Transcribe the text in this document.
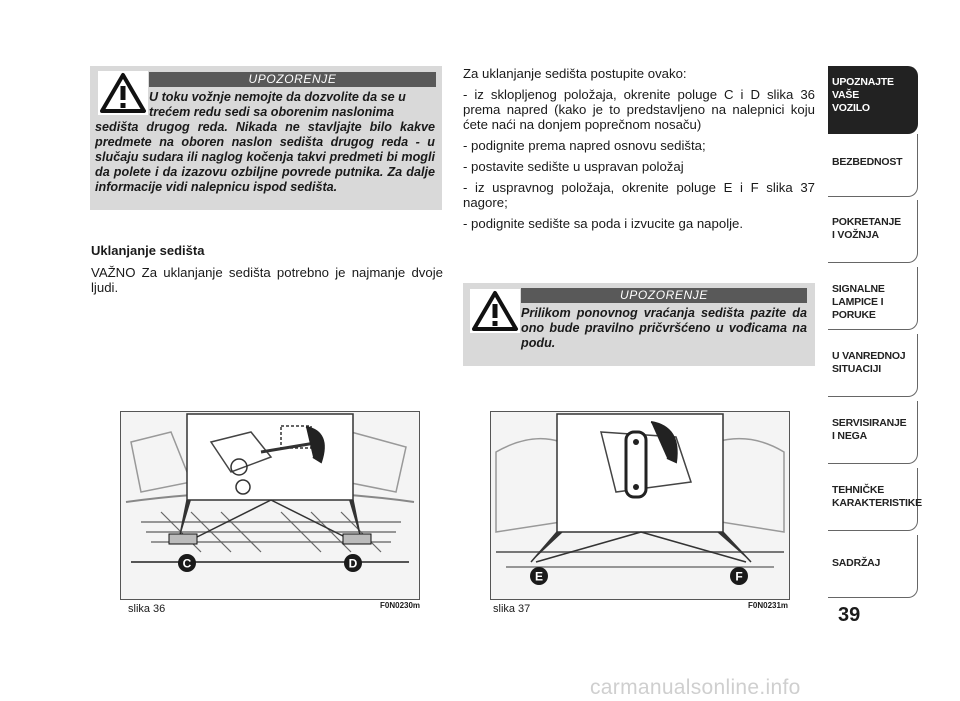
UPOZORENJE
U toku vožnje nemojte da dozvolite da se u
trećem redu sedi sa oborenim naslonima

sedišta drugog reda. Nikada ne stavljajte bilo kakve predmete na oboren naslon sedišta drugog reda - u slučaju sudara ili naglog kočenja takvi predmeti bi mogli da polete i da izazovu ozbiljne povrede putnika. Za dalje informacije vidi nalepnicu ispod sedišta.

Uklanjanje sedišta

VAŽNO Za uklanjanje sedišta potrebno je najmanje dvoje ljudi.

Za uklanjanje sedišta postupite ovako:

- iz sklopljenog položaja, okrenite poluge C i D slika 36 prema napred (kako je to predstavljeno na nalepnici koju ćete naći na donjem poprečnom nosaču)

- podignite prema napred osnovu sedišta;

- postavite sedište u uspravan položaj

- iz uspravnog položaja, okrenite poluge E i F slika 37 nagore;

- podignite sedište sa poda i izvucite ga napolje.

UPOZORENJE

Prilikom ponovnog vraćanja sedišta pazite da ono bude pravilno pričvršćeno u vođicama na podu.

C	D
slika 36	F0N0230m
E	F
slika 37	F0N0231m
UPOZNAJTE
VAŠE
VOZILO
BEZBEDNOST
POKRETANJE
I VOŽNJA
SIGNALNE
LAMPICE I PORUKE
U VANREDNOJ
SITUACIJI
SERVISIRANJE
I NEGA
TEHNIČKE
KARAKTERISTIKE
SADRŽAJ
39
carmanualsonline.info
